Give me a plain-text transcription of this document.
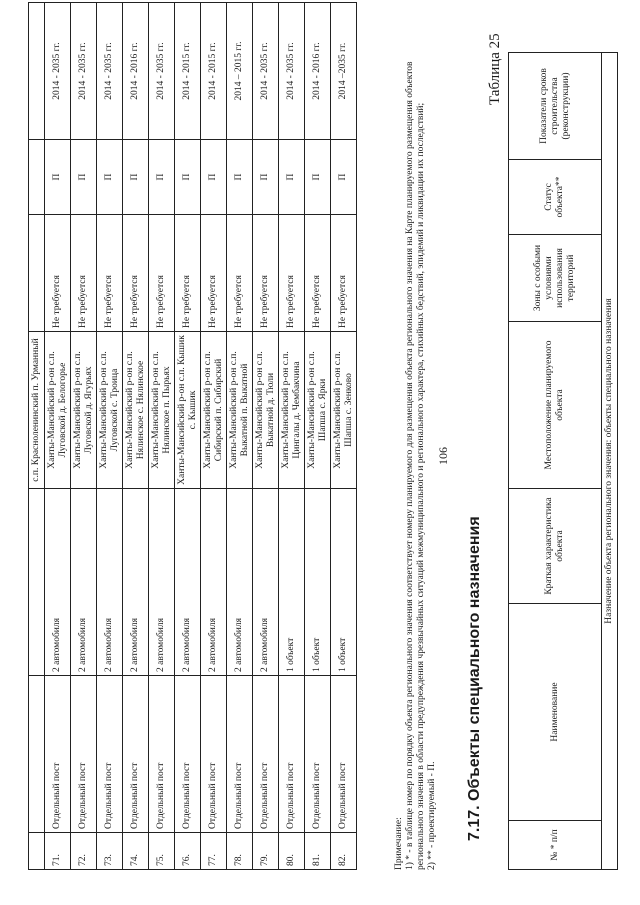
106
			с.п. Красноленинский п. Урманный			
71.	Отдельный пост	2 автомобиля	Ханты-Мансийский р-он с.п. Луговской д. Белогорье	Не требуется	П	2014 - 2035 гг.
72.	Отдельный пост	2 автомобиля	Ханты-Мансийский р-он с.п. Луговской д. Ягурьях	Не требуется	П	2014 - 2035 гг.
73.	Отдельный пост	2 автомобиля	Ханты-Мансийский р-он с.п. Луговской с. Троица	Не требуется	П	2014 - 2035 гг.
74.	Отдельный пост	2 автомобиля	Ханты-Мансийский р-он с.п. Нялинское с. Нялинское	Не требуется	П	2014 - 2016 гг.
75.	Отдельный пост	2 автомобиля	Ханты-Мансийский р-он с.п. Нялинское п. Пырьях	Не требуется	П	2014 - 2035 гг.
76.	Отдельный пост	2 автомобиля	Ханты-Мансийский р-он с.п. Кышик с. Кышик	Не требуется	П	2014 - 2015 гг.
77.	Отдельный пост	2 автомобиля	Ханты-Мансийский р-он с.п. Сибирский п. Сибирский	Не требуется	П	2014 - 2015 гг.
78.	Отдельный пост	2 автомобиля	Ханты-Мансийский р-он с.п. Выкатной п. Выкатной	Не требуется	П	2014 – 2015 гг.
79.	Отдельный пост	2 автомобиля	Ханты-Мансийский р-он с.п. Выкатной д. Тюли	Не требуется	П	2014 - 2035 гг.
80.	Отдельный пост	1 объект	Ханты-Мансийский р-он с.п. Цингалы д. Чембакчина	Не требуется	П	2014 - 2035 гг.
81.	Отдельный пост	1 объект	Ханты-Мансийский р-он с.п. Шапша с. Ярки	Не требуется	П	2014 - 2016 гг.
82.	Отдельный пост	1 объект	Ханты-Мансийский р-он с.п. Шапша с. Зенково	Не требуется	П	2014 –2035 гг.

Примечание: 1) * - в таблице номер по порядку объекта регионального значения соответствует номеру планируемого для размещения объекта регионального значения на Карте планируемого размещения объектов регионального значения в области предупреждения чрезвычайных ситуаций межмуниципального и регионального характера, стихийных бедствий, эпидемий и ликвидации их последствий; 2) ** - проектируемый - П. 7.17. Объекты специального назначения
Таблица 25
№ * п/п	Наименование	Краткая характеристика объекта	Местоположение планируемого объекта	Зоны с особыми условиями использования территорий	Статус объекта**	Показатели сроков строительства (реконструкции)
Назначение объекта регионального значения: объекты специального назначения
